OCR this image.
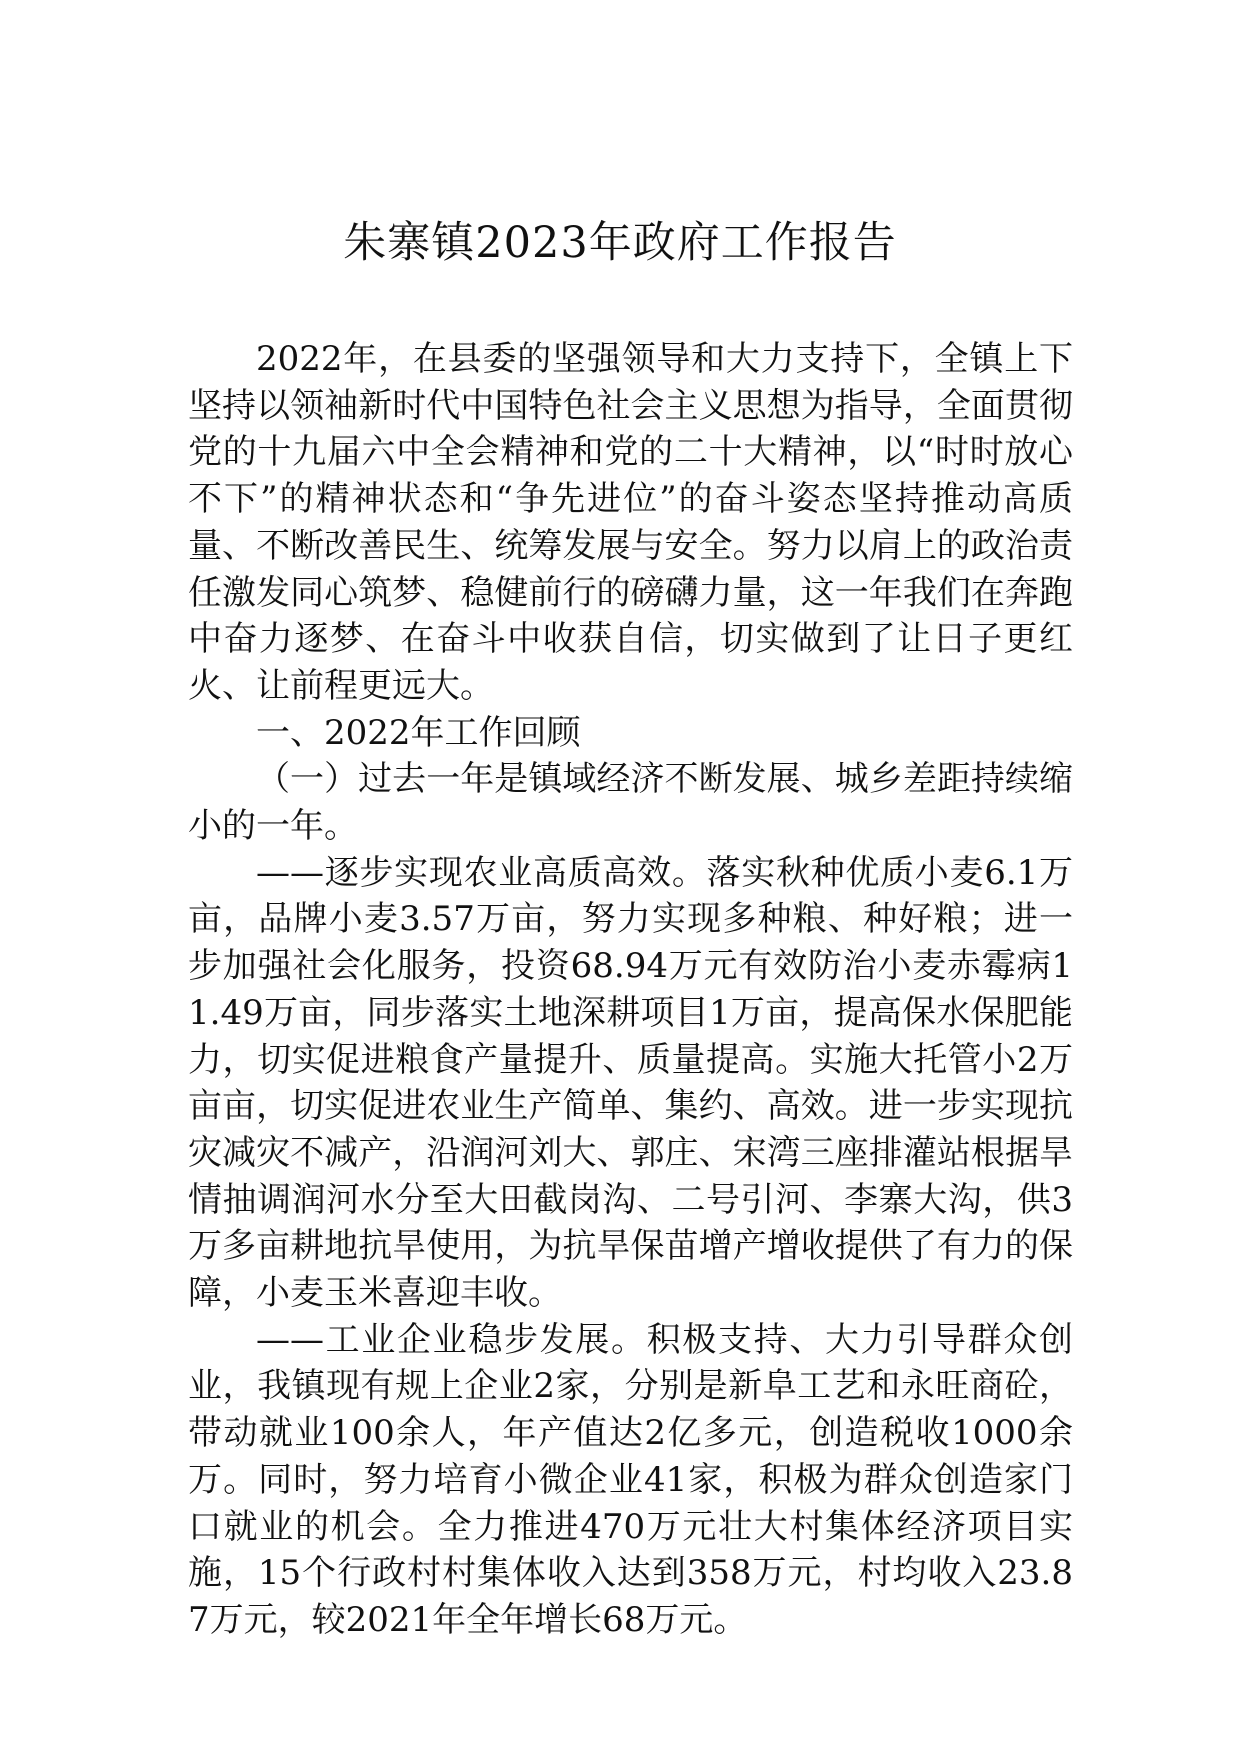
朱寨镇2023年政府工作报告

2022年，在县委的坚强领导和大力支持下，全镇上下坚持以领袖新时代中国特色社会主义思想为指导，全面贯彻党的十九届六中全会精神和党的二十大精神，以“时时放心不下”的精神状态和“争先进位”的奋斗姿态坚持推动高质量、不断改善民生、统筹发展与安全。努力以肩上的政治责任激发同心筑梦、稳健前行的磅礴力量，这一年我们在奔跑中奋力逐梦、在奋斗中收获自信，切实做到了让日子更红火、让前程更远大。

一、2022年工作回顾

（一）过去一年是镇域经济不断发展、城乡差距持续缩小的一年。

——逐步实现农业高质高效。落实秋种优质小麦6.1万亩，品牌小麦3.57万亩，努力实现多种粮、种好粮；进一步加强社会化服务，投资68.94万元有效防治小麦赤霉病11.49万亩，同步落实土地深耕项目1万亩，提高保水保肥能力，切实促进粮食产量提升、质量提高。实施大托管小2万亩亩，切实促进农业生产简单、集约、高效。进一步实现抗灾减灾不减产，沿润河刘大、郭庄、宋湾三座排灌站根据旱情抽调润河水分至大田截岗沟、二号引河、李寨大沟，供3万多亩耕地抗旱使用，为抗旱保苗增产增收提供了有力的保障，小麦玉米喜迎丰收。

——工业企业稳步发展。积极支持、大力引导群众创业，我镇现有规上企业2家，分别是新阜工艺和永旺商砼，带动就业100余人，年产值达2亿多元，创造税收1000余万。同时，努力培育小微企业41家，积极为群众创造家门口就业的机会。全力推进470万元壮大村集体经济项目实施，15个行政村村集体收入达到358万元，村均收入23.87万元，较2021年全年增长68万元。
